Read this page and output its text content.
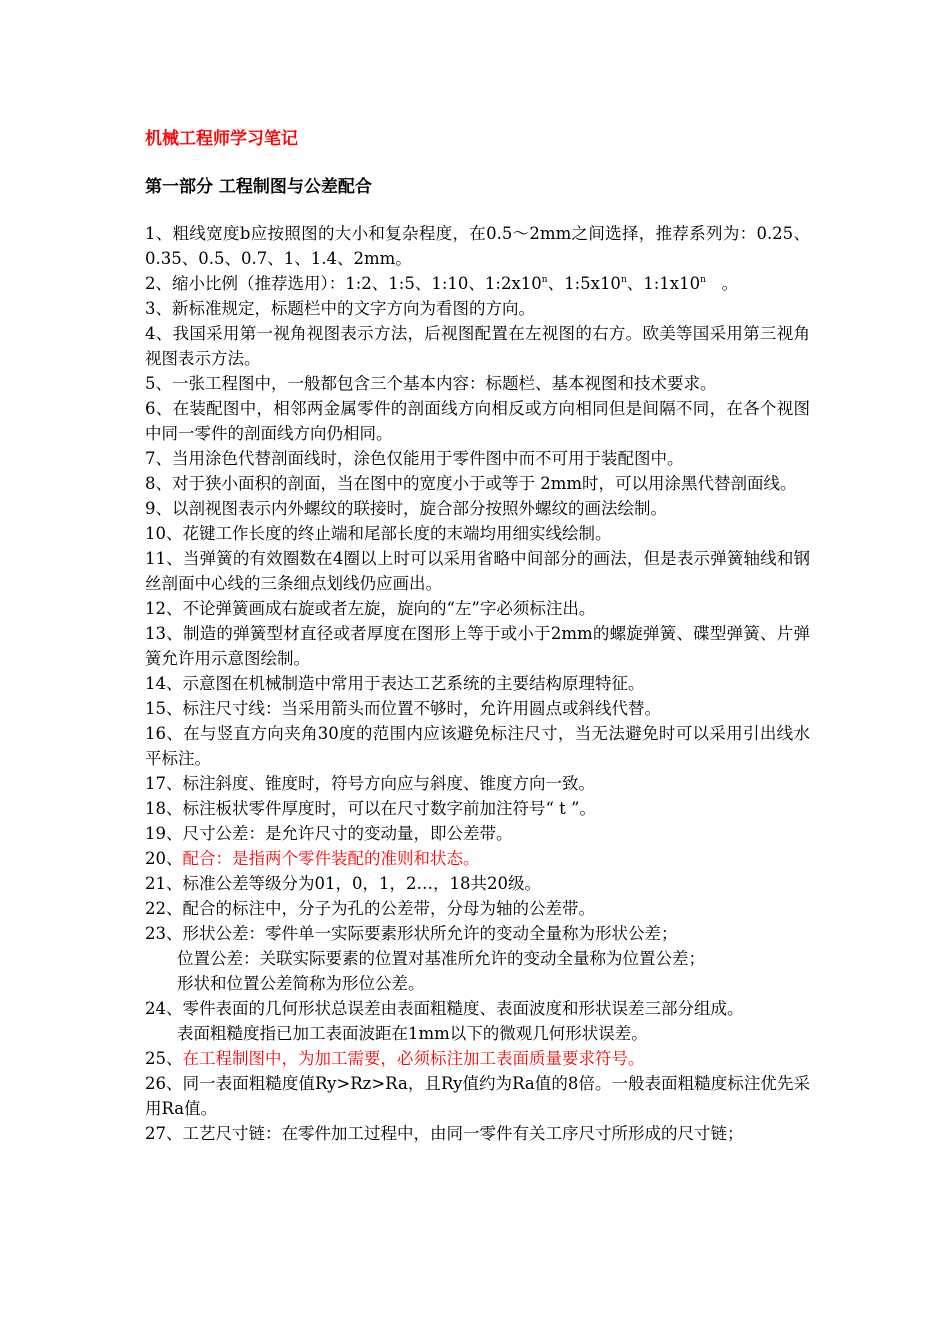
机械工程师学习笔记

第一部分 工程制图与公差配合

1、粗线宽度b应按照图的大小和复杂程度，在0.5～2mm之间选择，推荐系列为：0.25、0.35、0.5、0.7、1、1.4、2mm。

2、缩小比例（推荐选用）：1:2、1:5、1:10、1:2x10$^n$、1:5x10$^n$、1:1x10$^n$   。

3、新标准规定，标题栏中的文字方向为看图的方向。

4、我国采用第一视角视图表示方法，后视图配置在左视图的右方。欧美等国采用第三视角视图表示方法。

5、一张工程图中，一般都包含三个基本内容：标题栏、基本视图和技术要求。

6、在装配图中，相邻两金属零件的剖面线方向相反或方向相同但是间隔不同，在各个视图中同一零件的剖面线方向仍相同。

7、当用涂色代替剖面线时，涂色仅能用于零件图中而不可用于装配图中。

8、对于狭小面积的剖面，当在图中的宽度小于或等于 2mm时，可以用涂黑代替剖面线。

9、以剖视图表示内外螺纹的联接时，旋合部分按照外螺纹的画法绘制。

10、花键工作长度的终止端和尾部长度的末端均用细实线绘制。

11、当弹簧的有效圈数在4圈以上时可以采用省略中间部分的画法，但是表示弹簧轴线和钢丝剖面中心线的三条细点划线仍应画出。

12、不论弹簧画成右旋或者左旋，旋向的“左”字必须标注出。

13、制造的弹簧型材直径或者厚度在图形上等于或小于2mm的螺旋弹簧、碟型弹簧、片弹簧允许用示意图绘制。

14、示意图在机械制造中常用于表达工艺系统的主要结构原理特征。

15、标注尺寸线：当采用箭头而位置不够时，允许用圆点或斜线代替。

16、在与竖直方向夹角30度的范围内应该避免标注尺寸，当无法避免时可以采用引出线水平标注。

17、标注斜度、锥度时，符号方向应与斜度、锥度方向一致。

18、标注板状零件厚度时，可以在尺寸数字前加注符号“ t ”。

19、尺寸公差：是允许尺寸的变动量，即公差带。

20、配合：是指两个零件装配的准则和状态。

21、标准公差等级分为01，0，1，2…，18共20级。

22、配合的标注中，分子为孔的公差带，分母为轴的公差带。

23、形状公差：零件单一实际要素形状所允许的变动全量称为形状公差；

位置公差：关联实际要素的位置对基准所允许的变动全量称为位置公差；

形状和位置公差简称为形位公差。

24、零件表面的几何形状总误差由表面粗糙度、表面波度和形状误差三部分组成。

表面粗糙度指已加工表面波距在1mm以下的微观几何形状误差。

25、在工程制图中，为加工需要，必须标注加工表面质量要求符号。

26、同一表面粗糙度值Ry>Rz>Ra，且Ry值约为Ra值的8倍。一般表面粗糙度标注优先采用Ra值。

27、工艺尺寸链：在零件加工过程中，由同一零件有关工序尺寸所形成的尺寸链；
